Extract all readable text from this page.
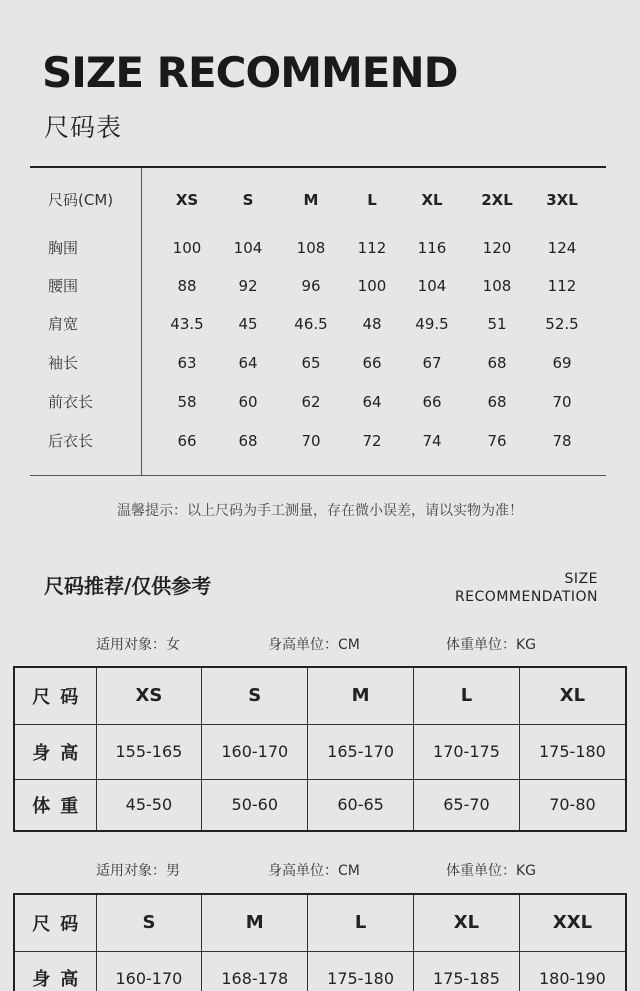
SIZE RECOMMEND
尺码表
尺码(CM)	XS	S	M	L	XL	2XL	3XL
胸围	100	104	108	112	116	120	124
腰围	88	92	96	100	104	108	112
肩宽	43.5	45	46.5	48	49.5	51	52.5
袖长	63	64	65	66	67	68	69
前衣长	58	60	62	64	66	68	70
后衣长	66	68	70	72	74	76	78
温馨提示：以上尺码为手工测量，存在微小误差，请以实物为准！
尺码推荐/仅供参考	SIZE
RECOMMENDATION
适用对象：女	身高单位：CM	体重单位：KG
尺码	XS	S	M	L	XL
身高	155-165	160-170	165-170	170-175	175-180
体重	45-50	50-60	60-65	65-70	70-80
适用对象：男	身高单位：CM	体重单位：KG
尺码	S	M	L	XL	XXL
身高	160-170	168-178	175-180	175-185	180-190
